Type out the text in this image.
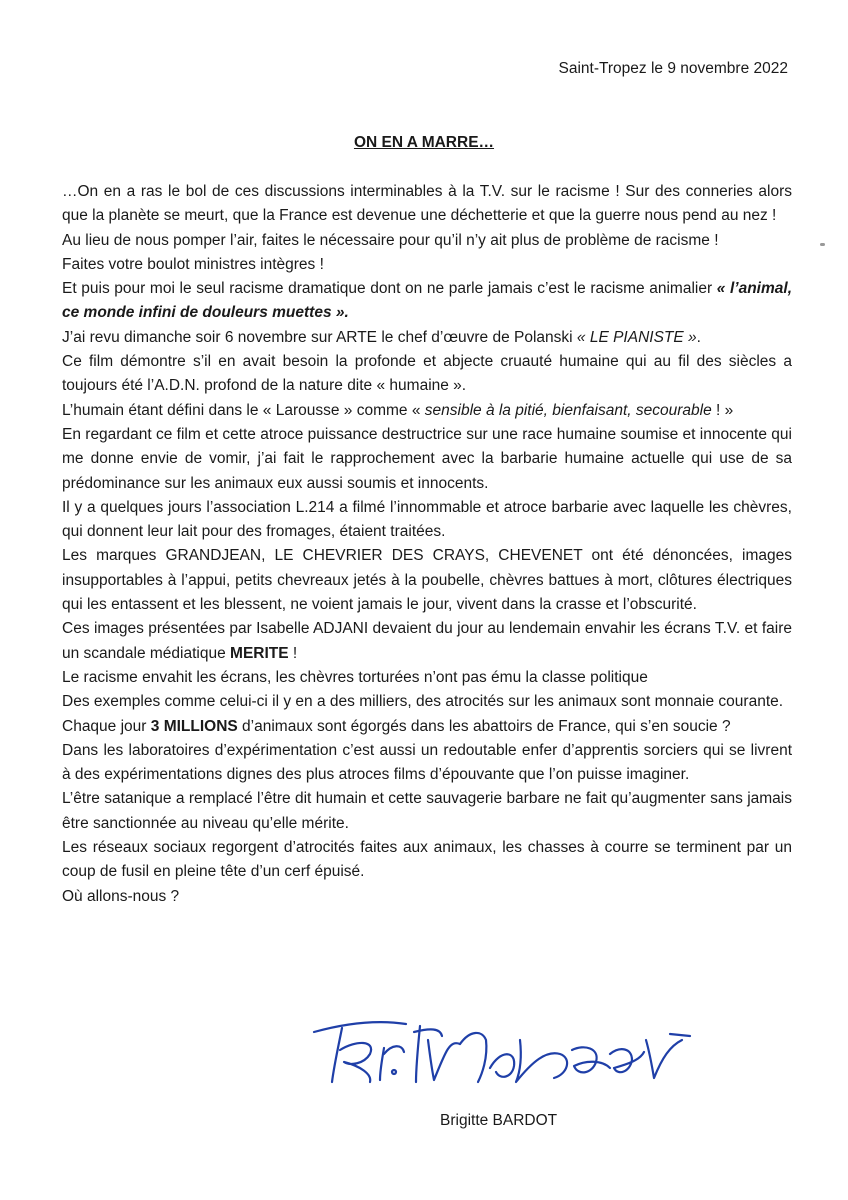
Saint-Tropez le 9 novembre 2022
ON EN A MARRE…

…On en a ras le bol de ces discussions interminables à la T.V. sur le racisme ! Sur des conneries alors que la planète se meurt, que la France est devenue une déchetterie et que la guerre nous pend au nez !

Au lieu de nous pomper l’air, faites le nécessaire pour qu’il n’y ait plus de problème de racisme !

Faites votre boulot ministres intègres !

Et puis pour moi le seul racisme dramatique dont on ne parle jamais c’est le racisme animalier « l’animal, ce monde infini de douleurs muettes ».

J’ai revu dimanche soir 6 novembre sur ARTE le chef d’œuvre de Polanski « LE PIANISTE ».

Ce film démontre s’il en avait besoin la profonde et abjecte cruauté humaine qui au fil des siècles a toujours été l’A.D.N. profond de la nature dite « humaine ».

L’humain étant défini dans le « Larousse » comme « sensible à la pitié, bienfaisant, secourable ! »

En regardant ce film et cette atroce puissance destructrice sur une race humaine soumise et innocente qui me donne envie de vomir, j’ai fait le rapprochement avec la barbarie humaine actuelle qui use de sa prédominance sur les animaux eux aussi soumis et innocents.

Il y a quelques jours l’association L.214 a filmé l’innommable et atroce barbarie avec laquelle les chèvres, qui donnent leur lait pour des fromages, étaient traitées.

Les marques GRANDJEAN, LE CHEVRIER DES CRAYS, CHEVENET ont été dénoncées, images insupportables à l’appui, petits chevreaux jetés à la poubelle, chèvres battues à mort, clôtures électriques qui les entassent et les blessent, ne voient jamais le jour, vivent dans la crasse et l’obscurité.

Ces images présentées par Isabelle ADJANI devaient du jour au lendemain envahir les écrans T.V. et faire un scandale médiatique MERITE !

Le racisme envahit les écrans, les chèvres torturées n’ont pas ému la classe politique

Des exemples comme celui-ci il y en a des milliers, des atrocités sur les animaux sont monnaie courante.

Chaque jour 3 MILLIONS d’animaux sont égorgés dans les abattoirs de France, qui s’en soucie ?

Dans les laboratoires d’expérimentation c’est aussi un redoutable enfer d’apprentis sorciers qui se livrent à des expérimentations dignes des plus atroces films d’épouvante que l’on puisse imaginer.

L’être satanique a remplacé l’être dit humain et cette sauvagerie barbare ne fait qu’augmenter sans jamais être sanctionnée au niveau qu’elle mérite.

Les réseaux sociaux regorgent d’atrocités faites aux animaux, les chasses à courre se terminent par un coup de fusil en pleine tête d’un cerf épuisé.

Où allons-nous ?

Brigitte BARDOT
